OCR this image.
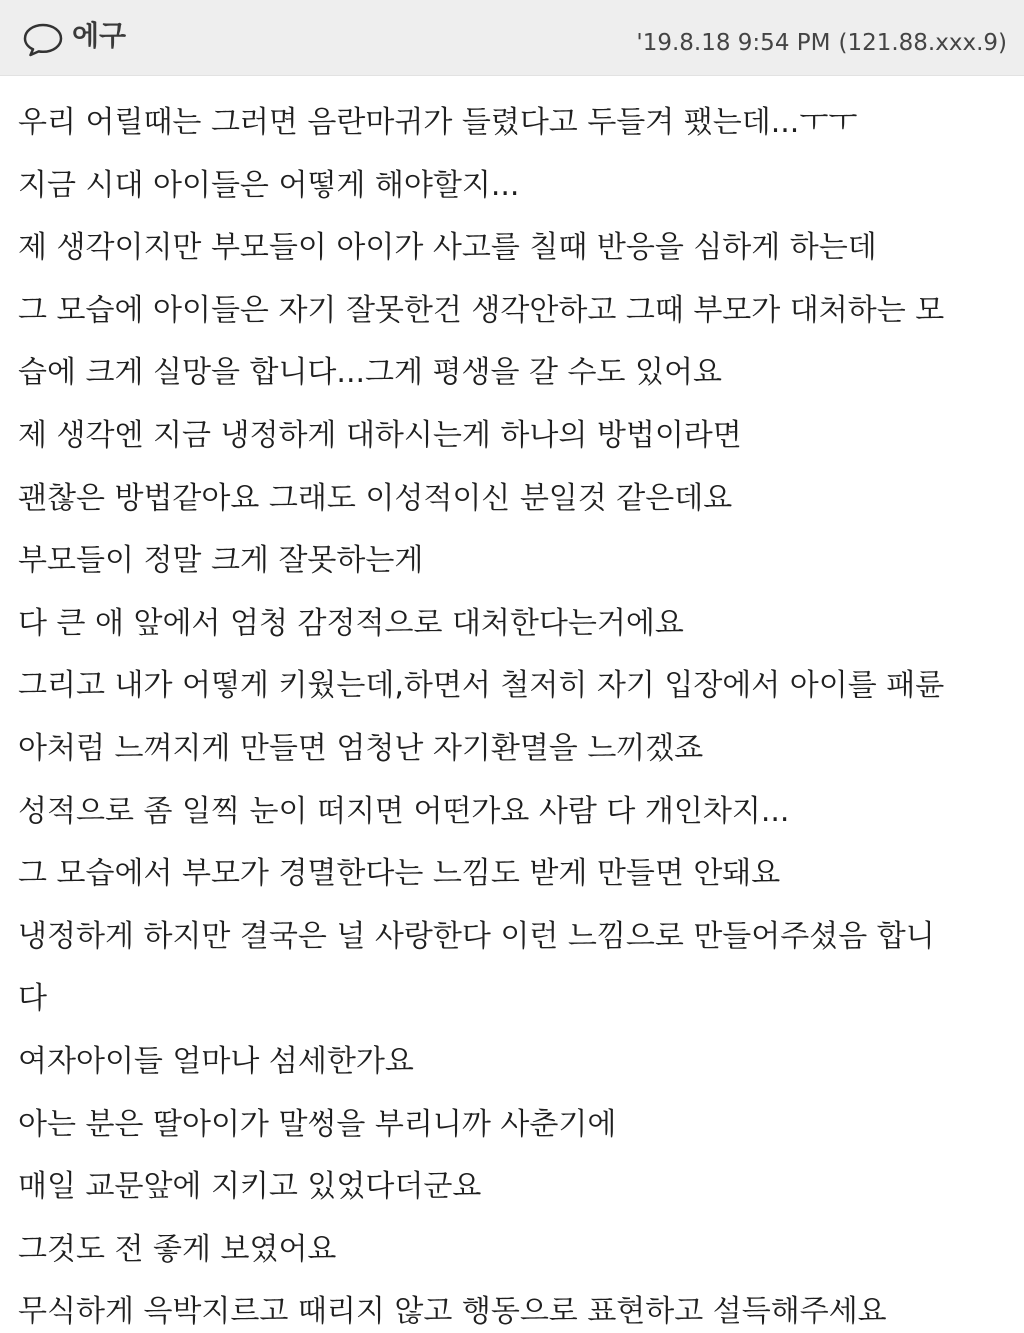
에구	'19.8.18 9:54 PM (121.88.xxx.9)
우리 어릴때는 그러면 음란마귀가 들렸다고 두들겨 팼는데...ㅜㅜ
지금 시대 아이들은 어떻게 해야할지...
제 생각이지만 부모들이 아이가 사고를 칠때 반응을 심하게 하는데
그 모습에 아이들은 자기 잘못한건 생각안하고 그때 부모가 대처하는 모
습에 크게 실망을 합니다...그게 평생을 갈 수도 있어요
제 생각엔 지금 냉정하게 대하시는게 하나의 방법이라면
괜찮은 방법같아요 그래도 이성적이신 분일것 같은데요
부모들이 정말 크게 잘못하는게
다 큰 애 앞에서 엄청 감정적으로 대처한다는거에요
그리고 내가 어떻게 키웠는데,하면서 철저히 자기 입장에서 아이를 패륜
아처럼 느껴지게 만들면 엄청난 자기환멸을 느끼겠죠
성적으로 좀 일찍 눈이 떠지면 어떤가요 사람 다 개인차지...
그 모습에서 부모가 경멸한다는 느낌도 받게 만들면 안돼요
냉정하게 하지만 결국은 널 사랑한다 이런 느낌으로 만들어주셨음 합니
다
여자아이들 얼마나 섬세한가요
아는 분은 딸아이가 말썽을 부리니까 사춘기에
매일 교문앞에 지키고 있었다더군요
그것도 전 좋게 보였어요
무식하게 윽박지르고 때리지 않고 행동으로 표현하고 설득해주세요
